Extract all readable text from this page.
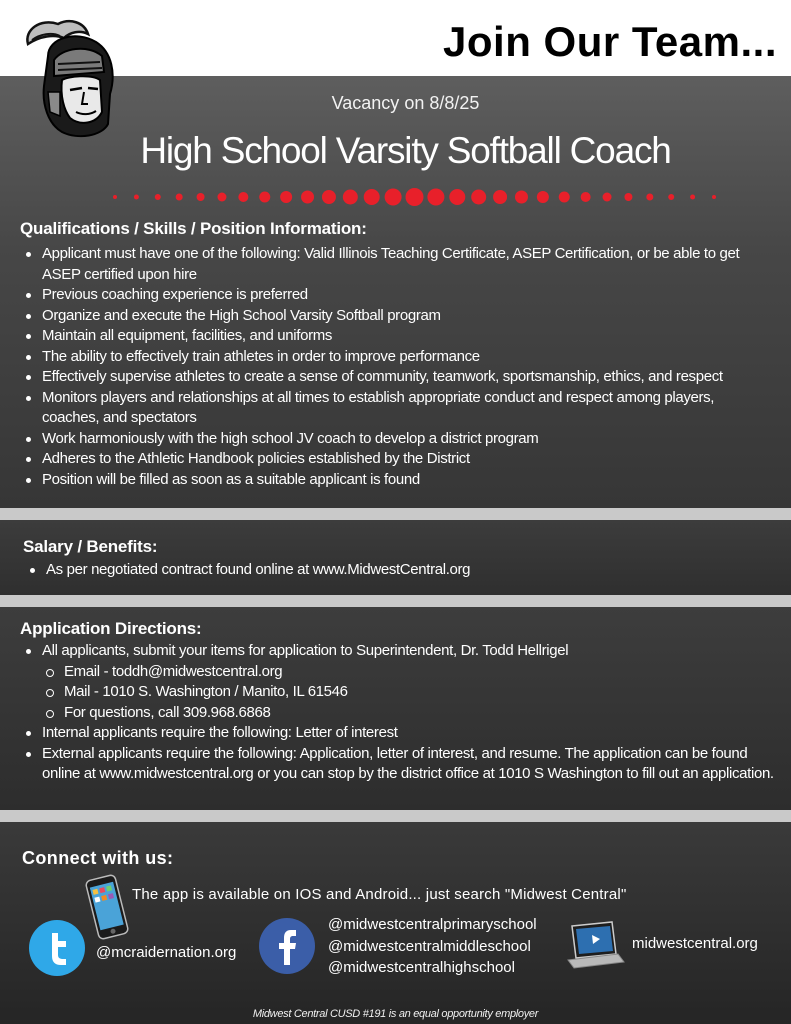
Join Our Team...
Vacancy on 8/8/25
High School Varsity Softball Coach
Qualifications / Skills / Position Information:
Applicant must have one of the following: Valid Illinois Teaching Certificate, ASEP Certification, or be able to get ASEP certified upon hire
Previous coaching experience is preferred
Organize and execute the High School Varsity Softball program
Maintain all equipment, facilities, and uniforms
The ability to effectively train athletes in order to improve performance
Effectively supervise athletes to create a sense of community, teamwork, sportsmanship, ethics, and respect
Monitors players and relationships at all times to establish appropriate conduct and respect among players, coaches, and spectators
Work harmoniously with the high school JV coach to develop a district program
Adheres to the Athletic Handbook policies established by the District
Position will be filled as soon as a suitable applicant is found
Salary / Benefits:
As per negotiated contract found online at www.MidwestCentral.org
Application Directions:
All applicants, submit your items for application to Superintendent, Dr. Todd Hellrigel
Email - toddh@midwestcentral.org
Mail - 1010 S. Washington / Manito, IL 61546
For questions, call 309.968.6868
Internal applicants require the following: Letter of interest
External applicants require the following: Application, letter of interest, and resume. The application can be found online at www.midwestcentral.org or you can stop by the district office at 1010 S Washington to fill out an application.
Connect with us:
The app is available on IOS and Android... just search "Midwest Central"
@mcraidernation.org
@midwestcentralprimaryschool
@midwestcentralmiddleschool
@midwestcentralhighschool
midwestcentral.org
Midwest Central CUSD #191 is an equal opportunity employer
